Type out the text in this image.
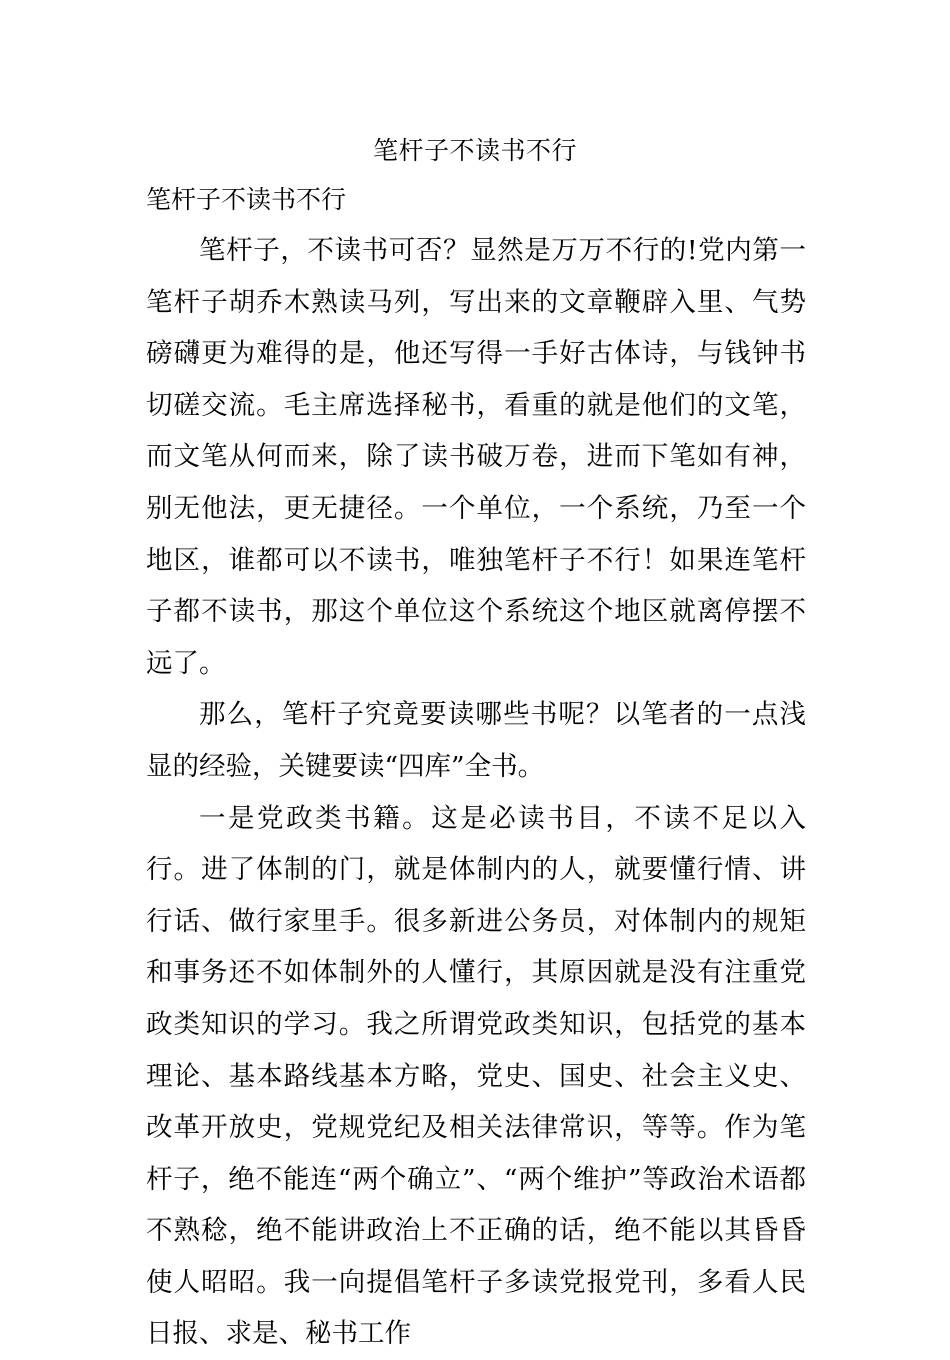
笔杆子不读书不行
笔杆子不读书不行

笔杆子，不读书可否？显然是万万不行的!党内第一笔杆子胡乔木熟读马列，写出来的文章鞭辟入里、气势磅礴更为难得的是，他还写得一手好古体诗，与钱钟书切磋交流。毛主席选择秘书，看重的就是他们的文笔，而文笔从何而来，除了读书破万卷，进而下笔如有神，别无他法，更无捷径。一个单位，一个系统，乃至一个地区，谁都可以不读书，唯独笔杆子不行！如果连笔杆子都不读书，那这个单位这个系统这个地区就离停摆不远了。

那么，笔杆子究竟要读哪些书呢？以笔者的一点浅显的经验，关键要读“四库”全书。

一是党政类书籍。这是必读书目，不读不足以入行。进了体制的门，就是体制内的人，就要懂行情、讲行话、做行家里手。很多新进公务员，对体制内的规矩和事务还不如体制外的人懂行，其原因就是没有注重党政类知识的学习。我之所谓党政类知识，包括党的基本理论、基本路线基本方略，党史、国史、社会主义史、改革开放史，党规党纪及相关法律常识，等等。作为笔杆子，绝不能连“两个确立”、“两个维护”等政治术语都不熟稔，绝不能讲政治上不正确的话，绝不能以其昏昏使人昭昭。我一向提倡笔杆子多读党报党刊，多看人民日报、求是、秘书工作
